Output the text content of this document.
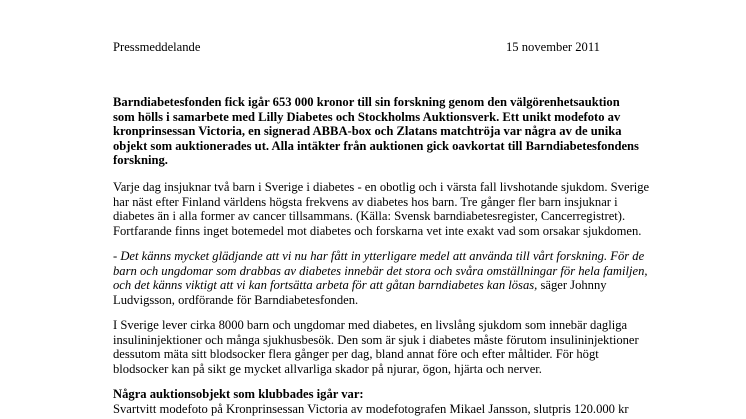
Pressmeddelande	15 november 2011
Barndiabetesfonden fick igår 653 000 kronor till sin forskning genom den välgörenhetsauktion
som hölls i samarbete med Lilly Diabetes och Stockholms Auktionsverk. Ett unikt modefoto av
kronprinsessan Victoria, en signerad ABBA-box och Zlatans matchtröja var några av de unika
objekt som auktionerades ut. Alla intäkter från auktionen gick oavkortat till Barndiabetesfondens
forskning.
Varje dag insjuknar två barn i Sverige i diabetes - en obotlig och i värsta fall livshotande sjukdom. Sverige
har näst efter Finland världens högsta frekvens av diabetes hos barn. Tre gånger fler barn insjuknar i
diabetes än i alla former av cancer tillsammans. (Källa: Svensk barndiabetesregister, Cancerregistret).
Fortfarande finns inget botemedel mot diabetes och forskarna vet inte exakt vad som orsakar sjukdomen.
- Det känns mycket glädjande att vi nu har fått in ytterligare medel att använda till vårt forskning. För de
barn och ungdomar som drabbas av diabetes innebär det stora och svåra omställningar för hela familjen,
och det känns viktigt att vi kan fortsätta arbeta för att gåtan barndiabetes kan lösas, säger Johnny
Ludvigsson, ordförande för Barndiabetesfonden.
I Sverige lever cirka 8000 barn och ungdomar med diabetes, en livslång sjukdom som innebär dagliga
insulininjektioner och många sjukhusbesök. Den som är sjuk i diabetes måste förutom insulininjektioner
dessutom mäta sitt blodsocker flera gånger per dag, bland annat före och efter måltider. För högt
blodsocker kan på sikt ge mycket allvarliga skador på njurar, ögon, hjärta och nerver.
Några auktionsobjekt som klubbades igår var:
Svartvitt modefoto på Kronprinsessan Victoria av modefotografen Mikael Jansson, slutpris 120.000 kr
